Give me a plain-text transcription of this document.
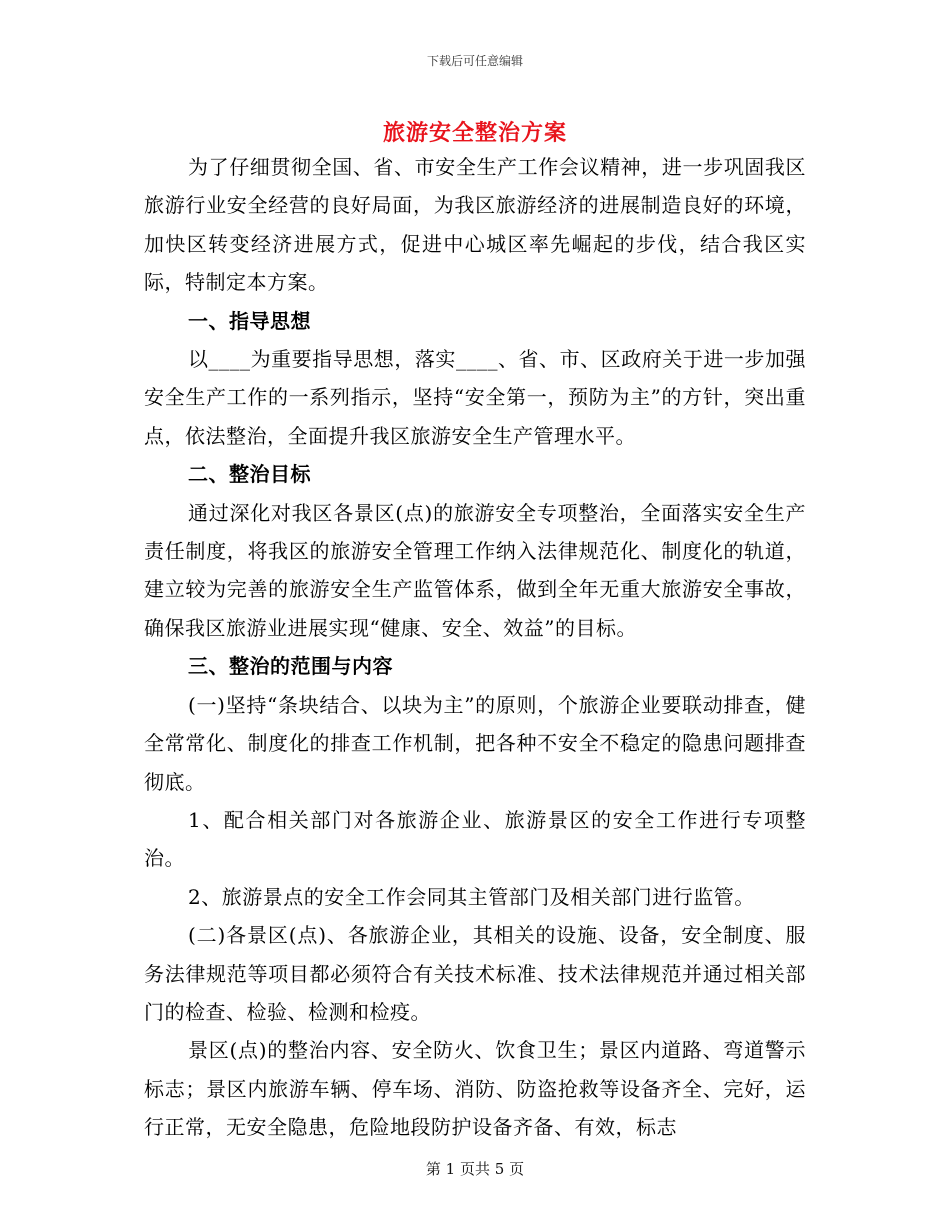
下载后可任意编辑
旅游安全整治方案

为了仔细贯彻全国、省、市安全生产工作会议精神，进一步巩固我区旅游行业安全经营的良好局面，为我区旅游经济的进展制造良好的环境，加快区转变经济进展方式，促进中心城区率先崛起的步伐，结合我区实际，特制定本方案。

一、指导思想

以____为重要指导思想，落实____、省、市、区政府关于进一步加强安全生产工作的一系列指示，坚持“安全第一，预防为主”的方针，突出重点，依法整治，全面提升我区旅游安全生产管理水平。

二、整治目标

通过深化对我区各景区(点)的旅游安全专项整治，全面落实安全生产责任制度，将我区的旅游安全管理工作纳入法律规范化、制度化的轨道，建立较为完善的旅游安全生产监管体系，做到全年无重大旅游安全事故，确保我区旅游业进展实现“健康、安全、效益”的目标。

三、整治的范围与内容

(一)坚持“条块结合、以块为主”的原则，个旅游企业要联动排查，健全常常化、制度化的排查工作机制，把各种不安全不稳定的隐患问题排查彻底。

1、配合相关部门对各旅游企业、旅游景区的安全工作进行专项整治。

2、旅游景点的安全工作会同其主管部门及相关部门进行监管。

(二)各景区(点)、各旅游企业，其相关的设施、设备，安全制度、服务法律规范等项目都必须符合有关技术标准、技术法律规范并通过相关部门的检查、检验、检测和检疫。

景区(点)的整治内容、安全防火、饮食卫生；景区内道路、弯道警示标志；景区内旅游车辆、停车场、消防、防盗抢救等设备齐全、完好，运行正常，无安全隐患，危险地段防护设备齐备、有效，标志

第 1 页共 5 页
